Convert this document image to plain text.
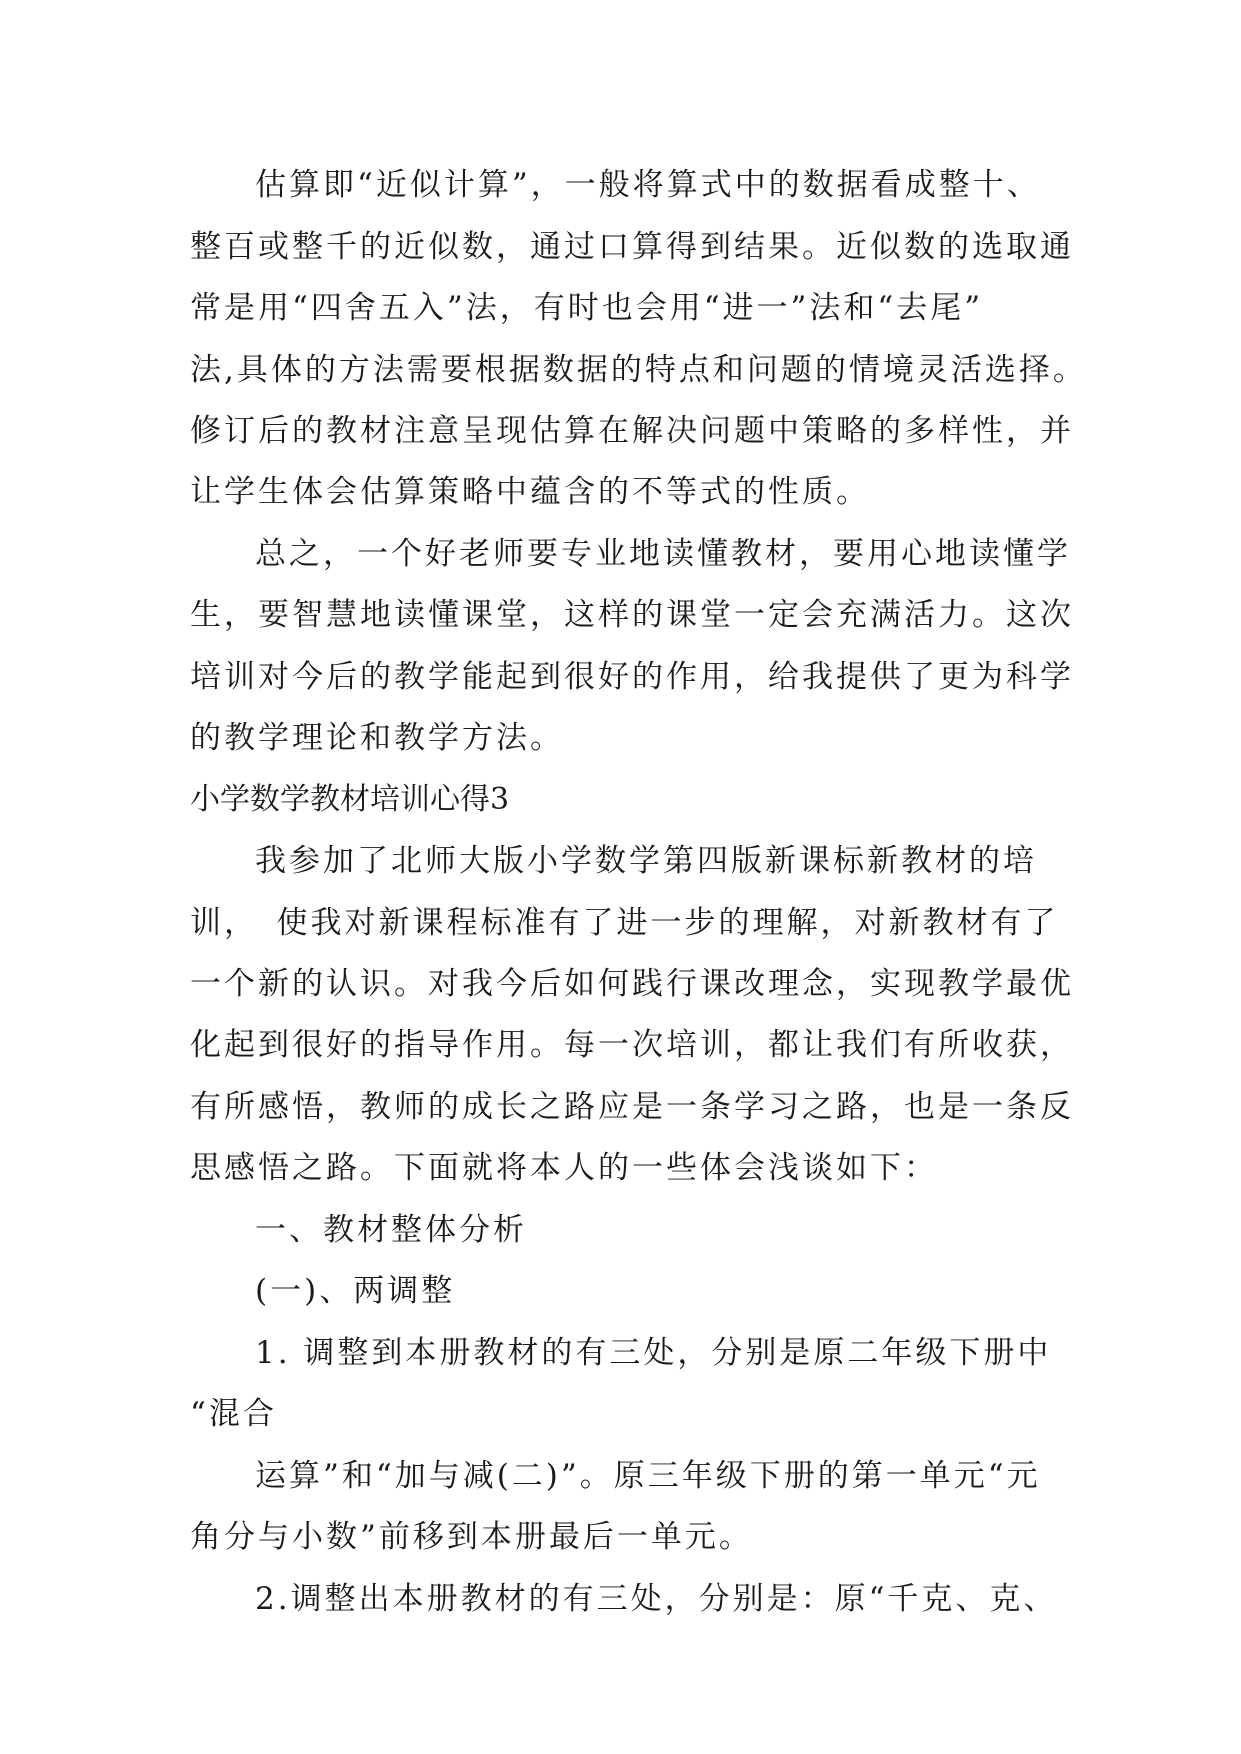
估算即“近似计算”，一般将算式中的数据看成整十、

整百或整千的近似数，通过口算得到结果。近似数的选取通

常是用“四舍五入”法，有时也会用“进一”法和“去尾”

法,具体的方法需要根据数据的特点和问题的情境灵活选择。

修订后的教材注意呈现估算在解决问题中策略的多样性，并

让学生体会估算策略中蕴含的不等式的性质。

总之，一个好老师要专业地读懂教材，要用心地读懂学

生，要智慧地读懂课堂，这样的课堂一定会充满活力。这次

培训对今后的教学能起到很好的作用，给我提供了更为科学

的教学理论和教学方法。

小学数学教材培训心得3

我参加了北师大版小学数学第四版新课标新教材的培

训，　使我对新课程标准有了进一步的理解，对新教材有了

一个新的认识。对我今后如何践行课改理念，实现教学最优

化起到很好的指导作用。每一次培训，都让我们有所收获，

有所感悟，教师的成长之路应是一条学习之路，也是一条反

思感悟之路。下面就将本人的一些体会浅谈如下：

一、教材整体分析

(一)、两调整

1. 调整到本册教材的有三处，分别是原二年级下册中

“混合

运算”和“加与减(二)”。原三年级下册的第一单元“元

角分与小数”前移到本册最后一单元。

2.调整出本册教材的有三处，分别是：原“千克、克、
